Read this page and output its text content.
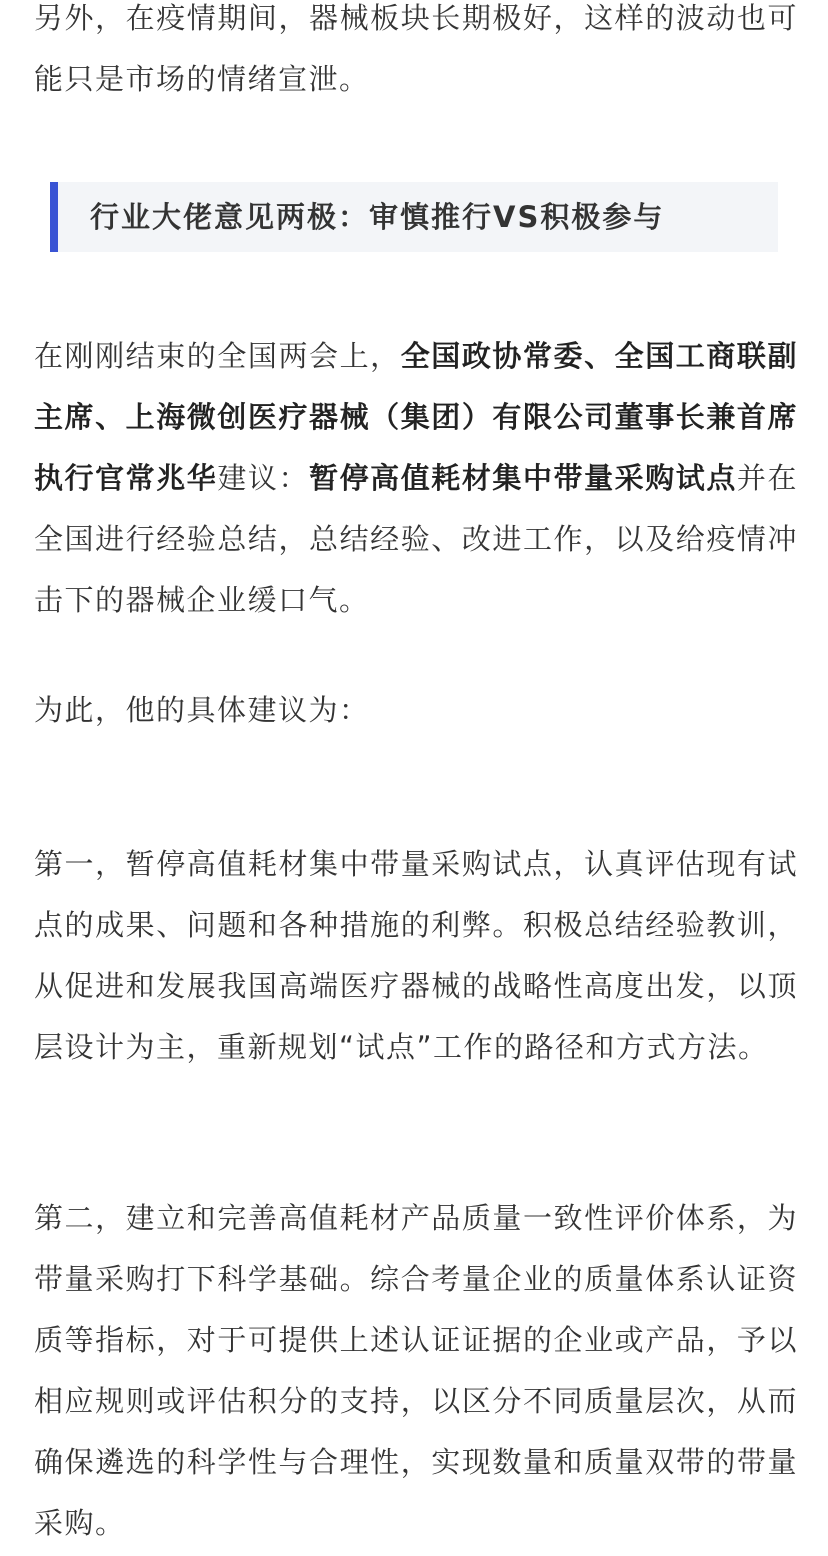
另外，在疫情期间，器械板块长期极好，这样的波动也可能只是市场的情绪宣泄。

行业大佬意见两极：审慎推行VS积极参与

在刚刚结束的全国两会上，全国政协常委、全国工商联副主席、上海微创医疗器械（集团）有限公司董事长兼首席执行官常兆华建议：暂停高值耗材集中带量采购试点并在全国进行经验总结，总结经验、改进工作，以及给疫情冲击下的器械企业缓口气。

为此，他的具体建议为：

第一，暂停高值耗材集中带量采购试点，认真评估现有试点的成果、问题和各种措施的利弊。积极总结经验教训，从促进和发展我国高端医疗器械的战略性高度出发，以顶层设计为主，重新规划“试点”工作的路径和方式方法。

第二，建立和完善高值耗材产品质量一致性评价体系，为带量采购打下科学基础。综合考量企业的质量体系认证资质等指标，对于可提供上述认证证据的企业或产品，予以相应规则或评估积分的支持，以区分不同质量层次，从而确保遴选的科学性与合理性，实现数量和质量双带的带量采购。
